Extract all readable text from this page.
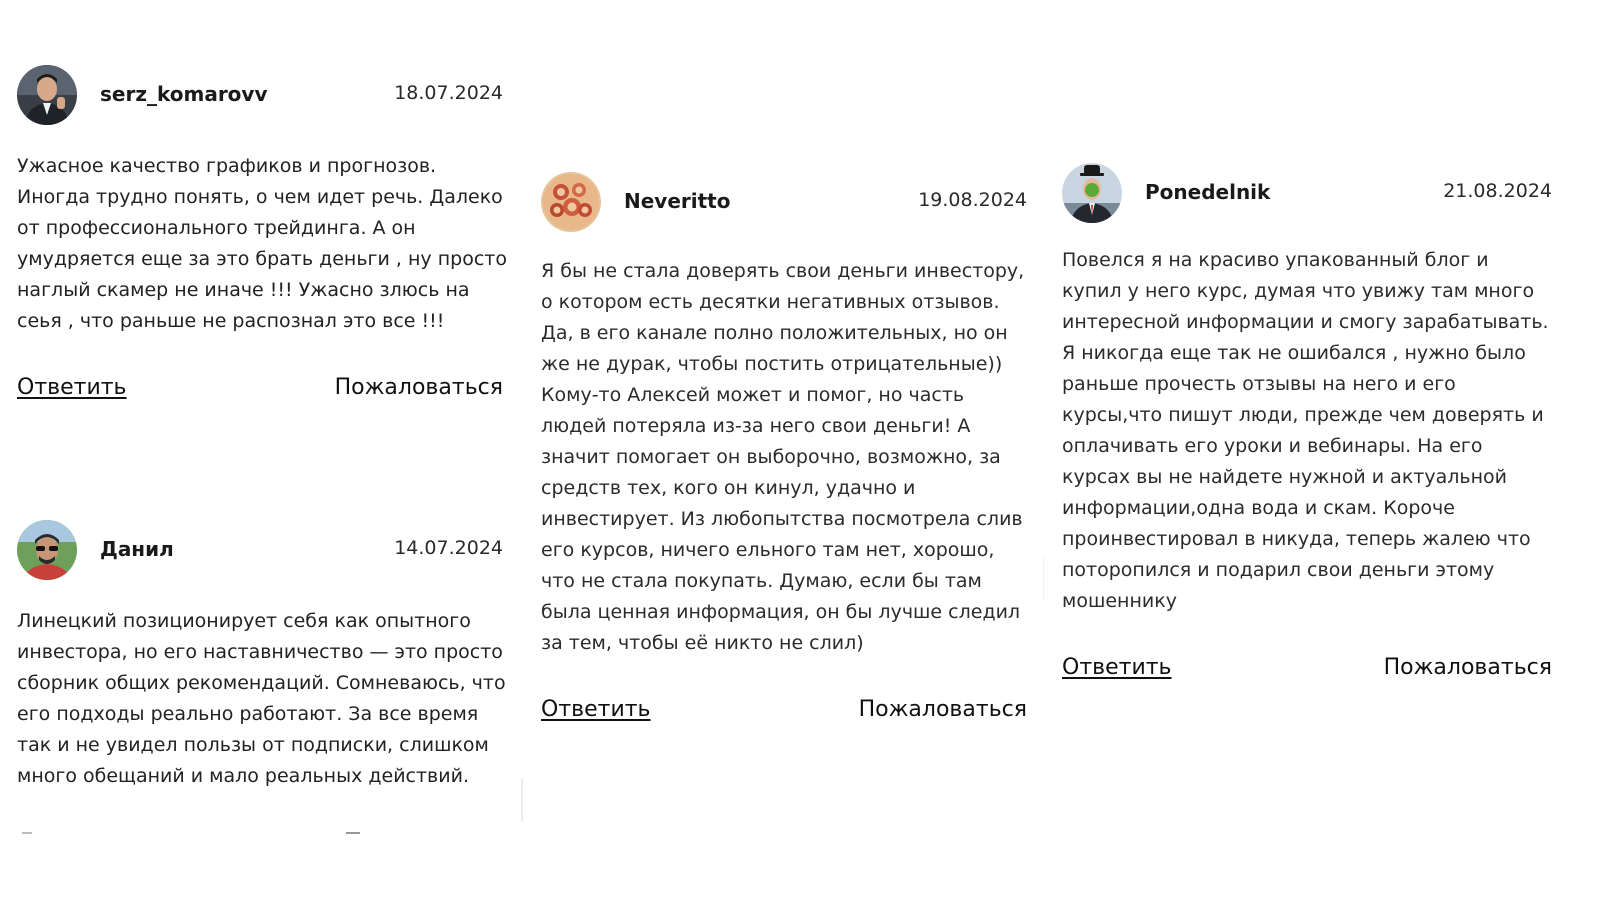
serz_komarovv	18.07.2024

Ужасное качество графиков и прогнозов. Иногда трудно понять, о чем идет речь. Далеко от профессионального трейдинга. А он умудряется еще за это брать деньги , ну просто наглый скамер не иначе !!! Ужасно злюсь на сеья , что раньше не распознал это все !!!

Ответить	Пожаловаться
Данил	14.07.2024

Линецкий позиционирует себя как опытного инвестора, но его наставничество — это просто сборник общих рекомендаций. Сомневаюсь, что его подходы реально работают. За все время так и не увидел пользы от подписки, слишком много обещаний и мало реальных действий.

Neveritto	19.08.2024

Я бы не стала доверять свои деньги инвестору, о котором есть десятки негативных отзывов. Да, в его канале полно положительных, но он же не дурак, чтобы постить отрицательные)) Кому-то Алексей может и помог, но часть людей потеряла из-за него свои деньги! А значит помогает он выборочно, возможно, за средств тех, кого он кинул, удачно и инвестирует. Из любопытства посмотрела слив его курсов, ничего ельного там нет, хорошо, что не стала покупать. Думаю, если бы там была ценная информация, он бы лучше следил за тем, чтобы её никто не слил)

Ответить	Пожаловаться
Ponedelnik	21.08.2024

Повелся я на красиво упакованный блог и купил у него курс, думая что увижу там много интересной информации и смогу зарабатывать. Я никогда еще так не ошибался , нужно было раньше прочесть отзывы на него и его курсы,что пишут люди, прежде чем доверять и оплачивать его уроки и вебинары. На его курсах вы не найдете нужной и актуальной информации,одна вода и скам. Короче проинвестировал в никуда, теперь жалею что поторопился и подарил свои деньги этому мошеннику

Ответить	Пожаловаться
